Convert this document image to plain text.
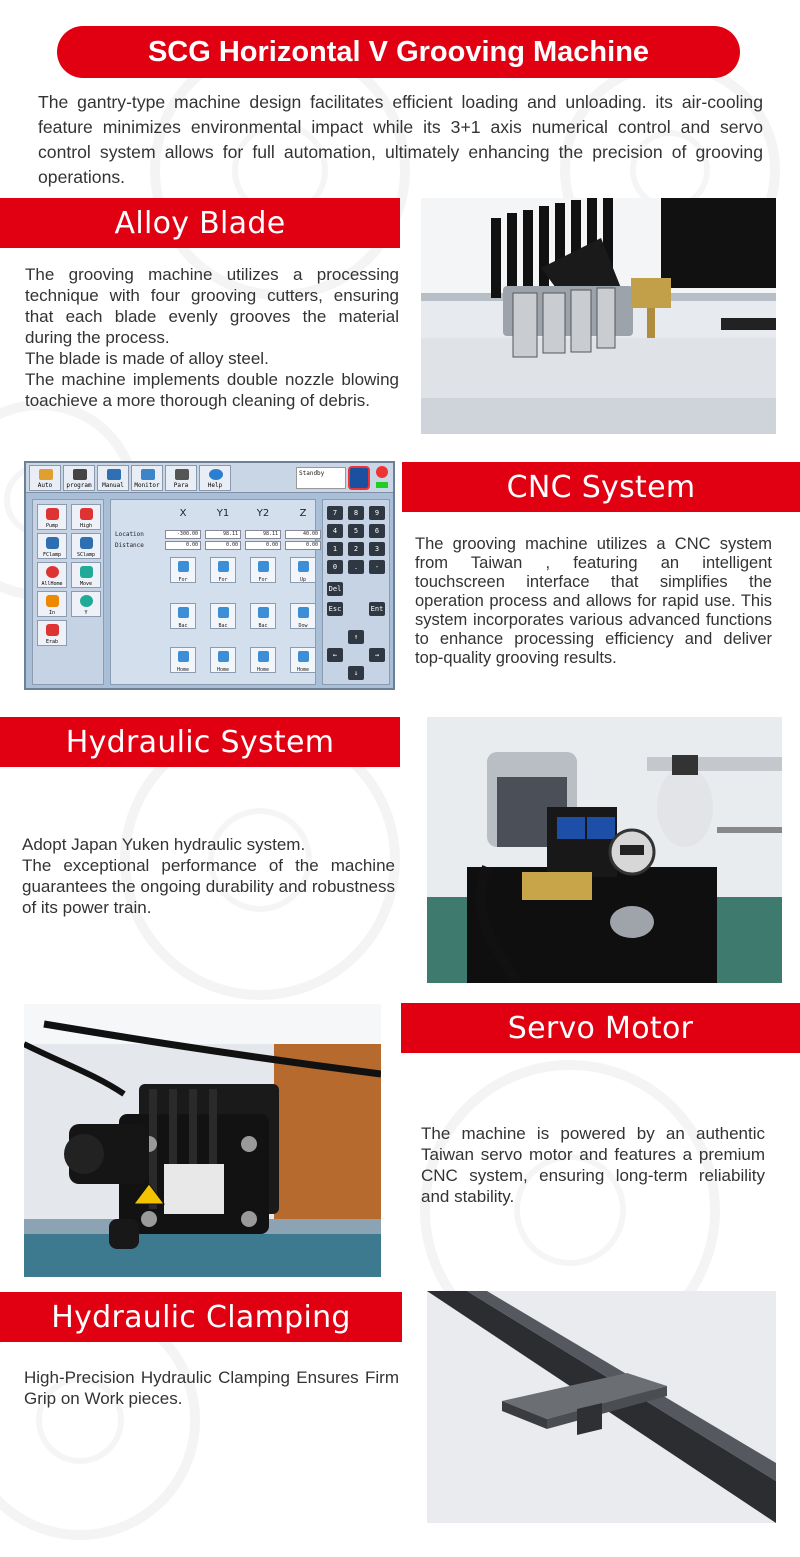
SCG Horizontal V Grooving Machine
The gantry-type machine design facilitates efficient loading and unloading. its air-cooling feature minimizes environmental impact while its 3+1 axis numerical control and servo control system allows for full automation, ultimately enhancing the precision of grooving operations.
Alloy Blade

The grooving machine utilizes a processing technique with four grooving cutters, ensuring that each blade evenly grooves the material during the process.

The blade is made of alloy steel.

The machine implements double nozzle blowing toachieve a more thorough cleaning of debris.

Auto	program	Manual	Monitor	Para	Help
Standby
Pump	High
FClamp	SClamp
AllHome	Move
In	Y
Erab
X	Y1	Y2	Z
Location
Distance
-300.00	98.11	98.11	40.00
0.00	0.00	0.00	0.00
For	For	For	Up
Bac	Bac	Bac	Dow
Home	Home	Home	Home
7	8	9
4	5	6
1	2	3
0	.	-
Del
Esc	Ent
↑
←	→
↓
CNC System

The grooving machine utilizes a CNC system from Taiwan , featuring an intelligent touchscreen interface that simplifies the operation process and allows for rapid use. This system incorporates various advanced functions to enhance processing efficiency and deliver top-quality grooving results.

Hydraulic System

Adopt Japan Yuken hydraulic system.

The exceptional performance of the machine guarantees the ongoing durability and robustness of its power train.

Servo Motor

The machine is powered by an authentic Taiwan servo motor and features a premium CNC system, ensuring long-term reliability and stability.

Hydraulic Clamping

High-Precision Hydraulic Clamping Ensures Firm Grip on Work pieces.
